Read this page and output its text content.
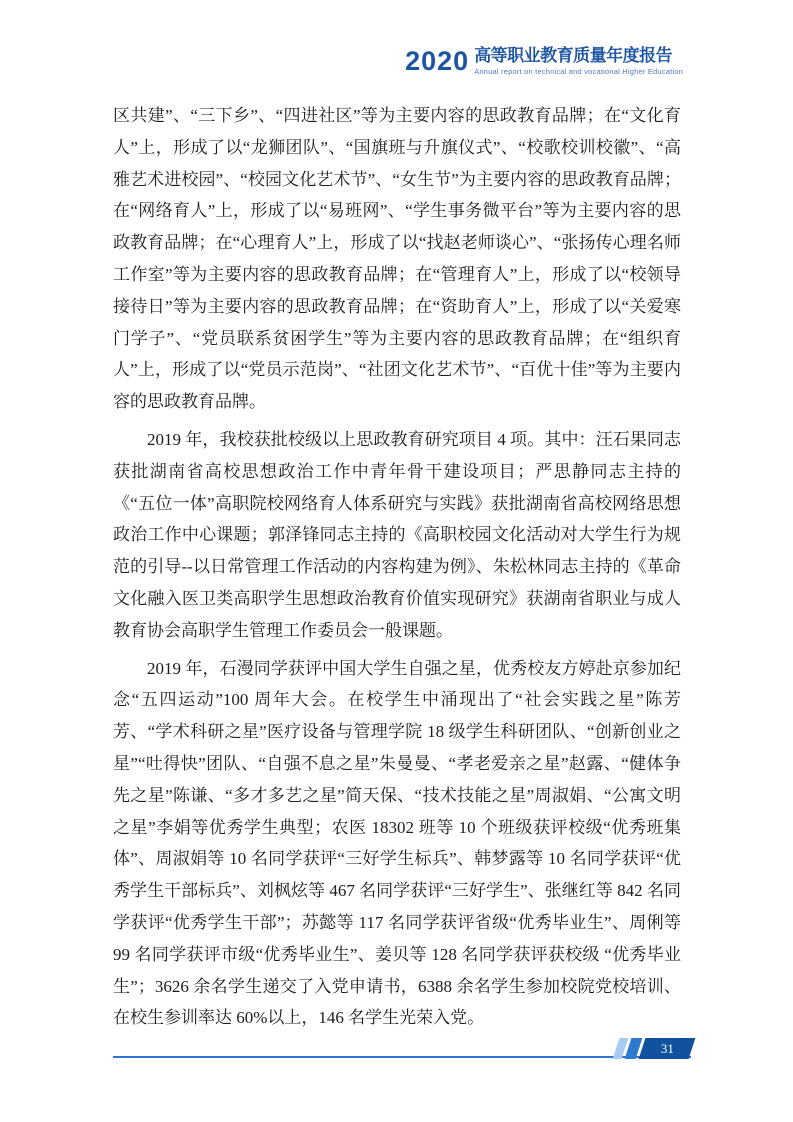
2020 高等职业教育质量年度报告
Annual report on technical and vocational Higher Education

区共建”、“三下乡”、“四进社区”等为主要内容的思政教育品牌；在“文化育人”上，形成了以“龙狮团队”、“国旗班与升旗仪式”、“校歌校训校徽”、“高雅艺术进校园”、“校园文化艺术节”、“女生节”为主要内容的思政教育品牌；在“网络育人”上，形成了以“易班网”、“学生事务微平台”等为主要内容的思政教育品牌；在“心理育人”上，形成了以“找赵老师谈心”、“张扬传心理名师工作室”等为主要内容的思政教育品牌；在“管理育人”上，形成了以“校领导接待日”等为主要内容的思政教育品牌；在“资助育人”上，形成了以“关爱寒门学子”、“党员联系贫困学生”等为主要内容的思政教育品牌；在“组织育人”上，形成了以“党员示范岗”、“社团文化艺术节”、“百优十佳”等为主要内容的思政教育品牌。

2019 年，我校获批校级以上思政教育研究项目 4 项。其中：汪石果同志获批湖南省高校思想政治工作中青年骨干建设项目；严思静同志主持的《“五位一体”高职院校网络育人体系研究与实践》获批湖南省高校网络思想政治工作中心课题；郭泽锋同志主持的《高职校园文化活动对大学生行为规范的引导--以日常管理工作活动的内容构建为例》、朱松林同志主持的《革命文化融入医卫类高职学生思想政治教育价值实现研究》获湖南省职业与成人教育协会高职学生管理工作委员会一般课题。

2019 年，石漫同学获评中国大学生自强之星，优秀校友方婷赴京参加纪念“五四运动”100 周年大会。在校学生中涌现出了“社会实践之星”陈芳芳、“学术科研之星”医疗设备与管理学院 18 级学生科研团队、“创新创业之星”“吐得快”团队、“自强不息之星”朱曼曼、“孝老爱亲之星”赵露、“健体争先之星”陈谦、“多才多艺之星”简天保、“技术技能之星”周淑娟、“公寓文明之星”李娟等优秀学生典型；农医 18302 班等 10 个班级获评校级“优秀班集体”、周淑娟等 10 名同学获评“三好学生标兵”、韩梦露等 10 名同学获评“优秀学生干部标兵”、刘枫炫等 467 名同学获评“三好学生”、张继红等 842 名同学获评“优秀学生干部”；苏懿等 117 名同学获评省级“优秀毕业生”、周俐等 99 名同学获评市级“优秀毕业生”、姜贝等 128 名同学获评获校级 “优秀毕业生”；3626 余名学生递交了入党申请书，6388 余名学生参加校院党校培训、在校生参训率达 60%以上，146 名学生光荣入党。

31
